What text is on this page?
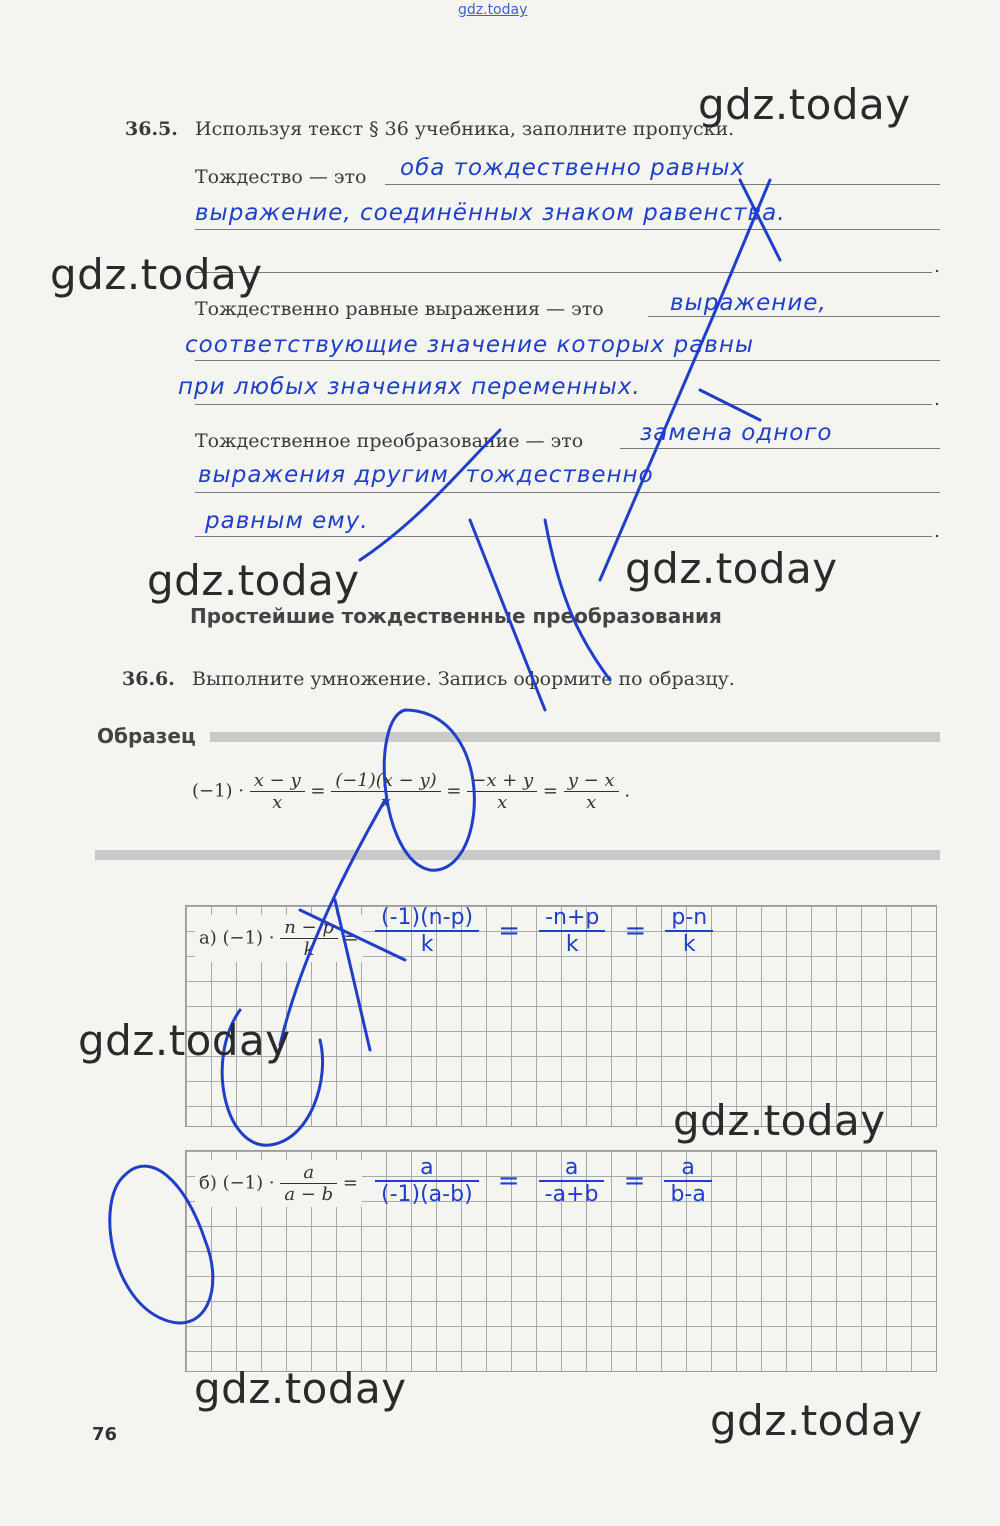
gdz.today
36.5. Используя текст § 36 учебника, заполните пропуски.
Тождество — это оба тождественно равных
выражение, соединённых знаком равенства.
.
Тождественно равные выражения — это	выражение,
соответствующие значение которых равны
при любых значениях переменных.	.
Тождественное преобразование — это замена одного
выражения другим, тождественно
равным ему.	.
Простейшие тождественные преобразования
36.6. Выполните умножение. Запись оформите по образцу.
Образец
$(-1) \cdot \frac{x - y}{x} = \frac{(-1)(x - y)}{x} = \frac{-x + y}{x} = \frac{y - x}{x}$ .
а) $(-1) \cdot \frac{n - p}{k} = \frac{(-1)(n-p)}{k} = \frac{-n+p}{k} = \frac{p-n}{k}$
б) $(-1) \cdot \frac{a}{a - b} = \frac{a}{(-1)(a-b)} = \frac{a}{-a+b} = \frac{a}{b-a}$
76
gdz.today
gdz.today
gdz.today	gdz.today
gdz.today
gdz.today
gdz.today
gdz.today
